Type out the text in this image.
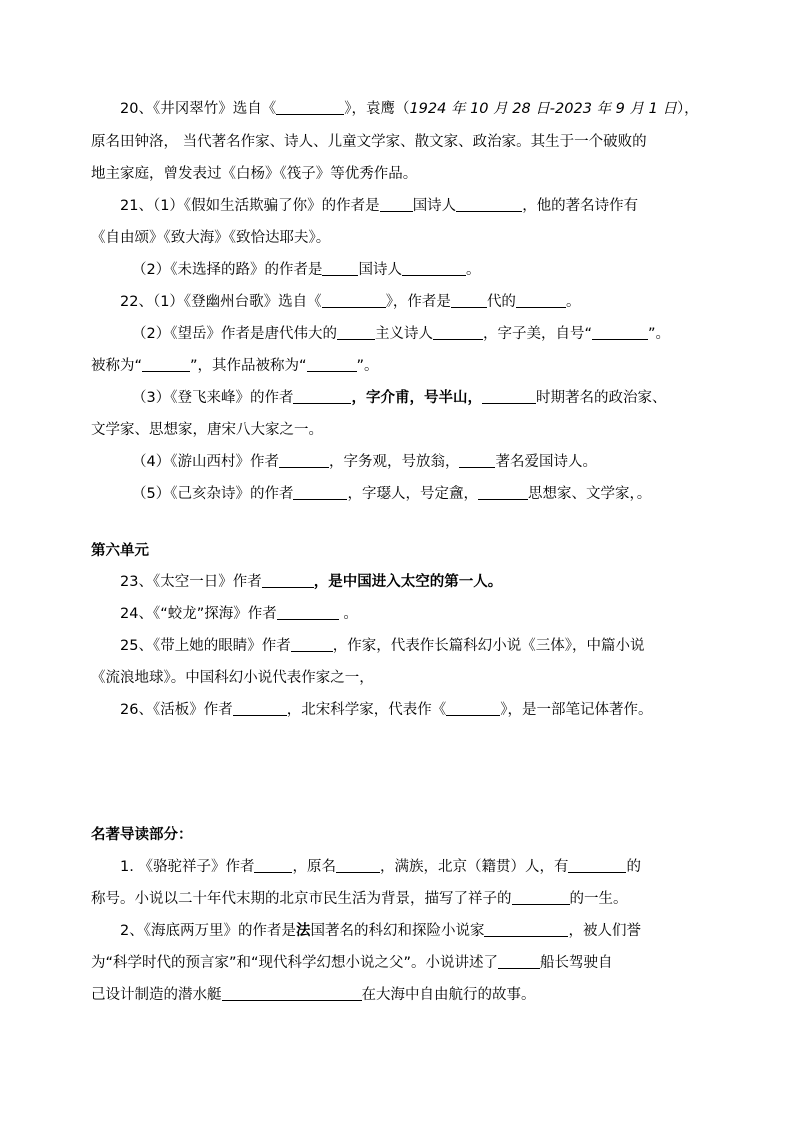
20、《井冈翠竹》选自《	》，袁鹰（1924 年 10 月 28 日-2023 年 9 月 1 日），
原名田钟洛， 当代著名作家、诗人、儿童文学家、散文家、政治家。其生于一个破败的
地主家庭，曾发表过《白杨》《筏子》等优秀作品。
21、（1）《假如生活欺骗了你》的作者是 国诗人	，他的著名诗作有
《自由颂》《致大海》《致恰达耶夫》。
（2）《未选择的路》的作者是 国诗人	。
22、（1）《登幽州台歌》选自《	》，作者是 代的	。
（2）《望岳》作者是唐代伟大的	主义诗人	，字子美，自号“	”。
被称为“	”，其作品被称为“	”。
（3）《登飞来峰》的作者	，字介甫，号半山，	时期著名的政治家、
文学家、思想家，唐宋八大家之一。
（4）《游山西村》作者	，字务观，号放翁， 著名爱国诗人。
（5）《己亥杂诗》的作者	，字璱人，号定盦，	思想家、文学家，。
第六单元
23、《太空一日》作者	，是中国进入太空的第一人。
24、《“蛟龙”探海》作者	。
25、《带上她的眼睛》作者	，作家，代表作长篇科幻小说《三体》，中篇小说
《流浪地球》。中国科幻小说代表作家之一，
26、《活板》作者	，北宋科学家，代表作《	》，是一部笔记体著作。
名著导读部分：
1. 《骆驼祥子》作者	，原名	，满族，北京（籍贯）人，有	的
称号。小说以二十年代末期的北京市民生活为背景，描写了祥子的	的一生。
2、《海底两万里》的作者是法国著名的科幻和探险小说家	，被人们誉
为“科学时代的预言家”和“现代科学幻想小说之父”。小说讲述了	船长驾驶自
己设计制造的潜水艇	在大海中自由航行的故事。
